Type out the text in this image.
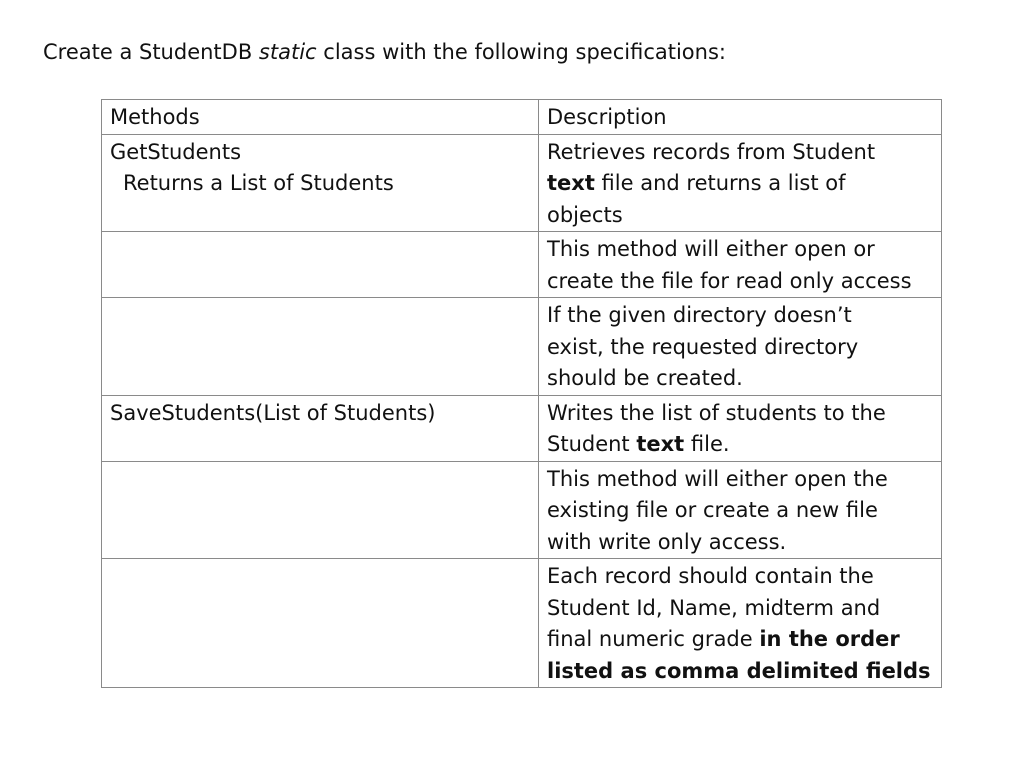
Create a StudentDB static class with the following specifications:
Methods	Description

GetStudents
Returns a List of Students	Retrieves records from Student
text file and returns a list of
objects

	This method will either open or
create the file for read only access

	If the given directory doesn’t
exist, the requested directory
should be created.

SaveStudents(List of Students)	Writes the list of students to the
Student text file.

	This method will either open the
existing file or create a new file
with write only access.

	Each record should contain the
Student Id, Name, midterm and
final numeric grade in the order
listed as comma delimited fields
